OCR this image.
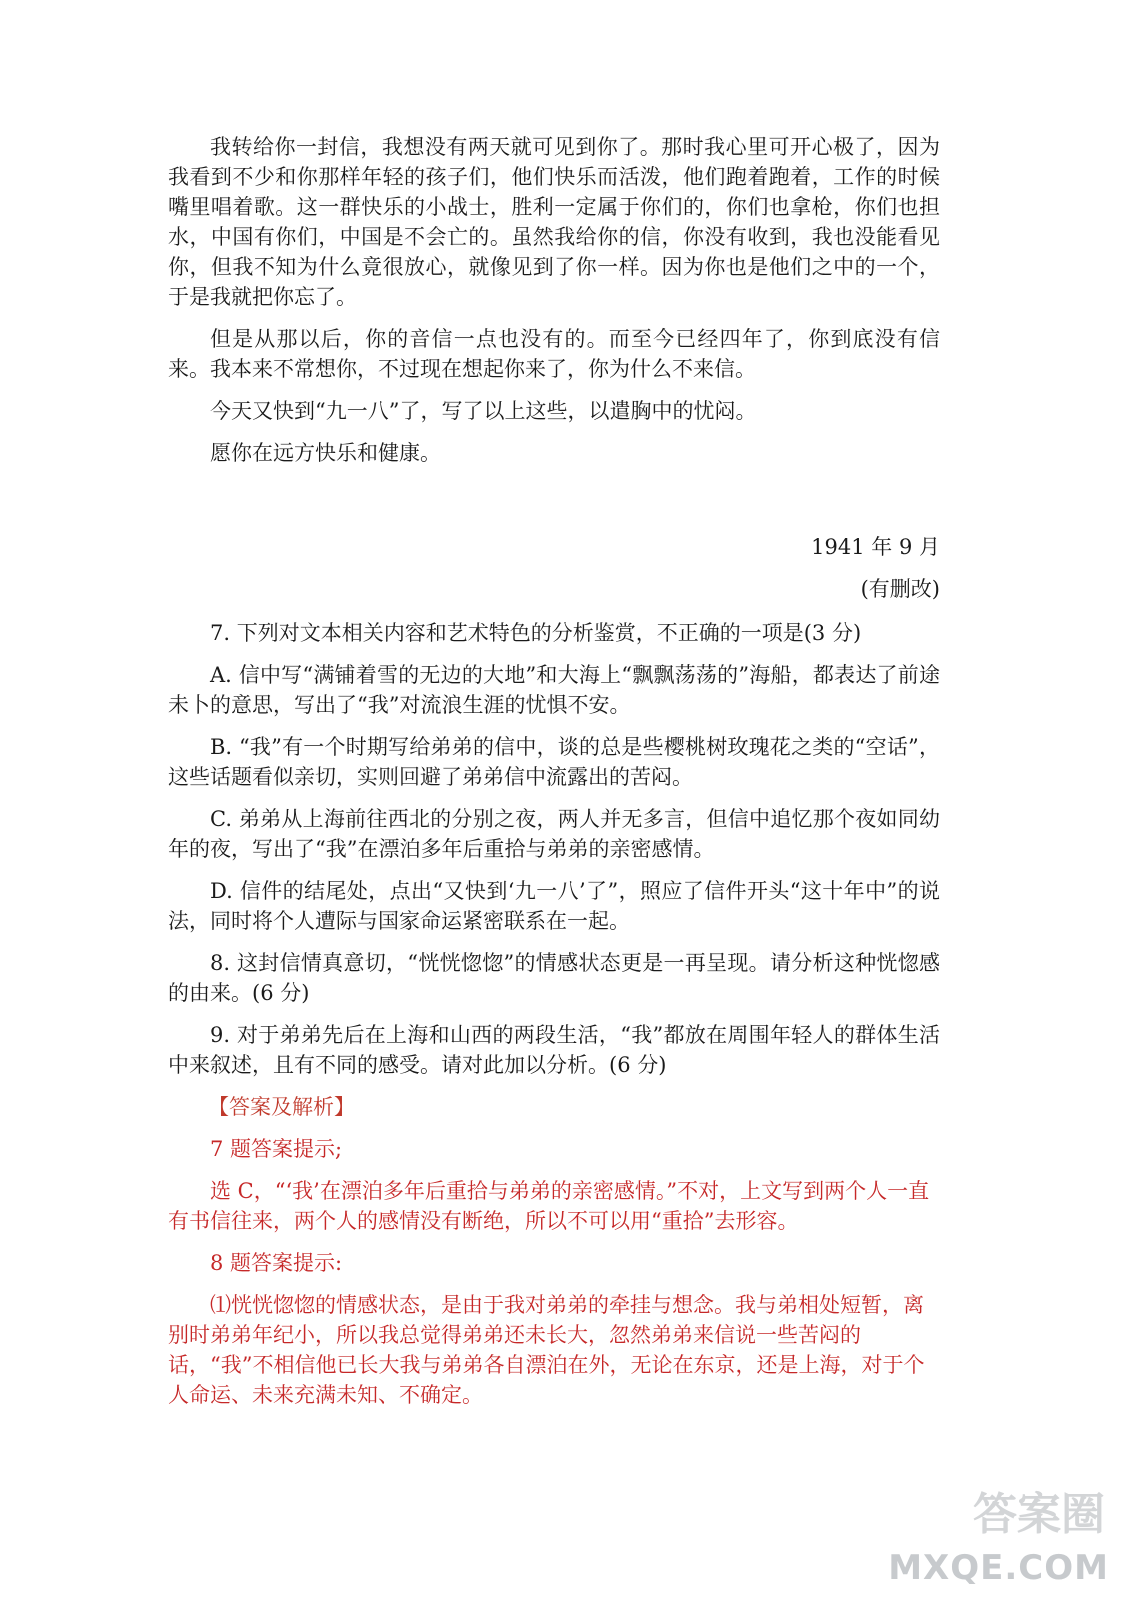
我转给你一封信，我想没有两天就可见到你了。那时我心里可开心极了，因为我看到不少和你那样年轻的孩子们，他们快乐而活泼，他们跑着跑着，工作的时候嘴里唱着歌。这一群快乐的小战士，胜利一定属于你们的，你们也拿枪，你们也担水，中国有你们，中国是不会亡的。虽然我给你的信，你没有收到，我也没能看见你，但我不知为什么竟很放心，就像见到了你一样。因为你也是他们之中的一个，于是我就把你忘了。

但是从那以后，你的音信一点也没有的。而至今已经四年了，你到底没有信来。我本来不常想你，不过现在想起你来了，你为什么不来信。

今天又快到“九一八”了，写了以上这些，以遣胸中的忧闷。

愿你在远方快乐和健康。

1941 年 9 月

(有删改)

7. 下列对文本相关内容和艺术特色的分析鉴赏，不正确的一项是(3 分)

A. 信中写“满铺着雪的无边的大地”和大海上“飘飘荡荡的”海船，都表达了前途未卜的意思，写出了“我”对流浪生涯的忧惧不安。

B. “我”有一个时期写给弟弟的信中，谈的总是些樱桃树玫瑰花之类的“空话”，这些话题看似亲切，实则回避了弟弟信中流露出的苦闷。

C. 弟弟从上海前往西北的分别之夜，两人并无多言，但信中追忆那个夜如同幼年的夜，写出了“我”在漂泊多年后重拾与弟弟的亲密感情。

D. 信件的结尾处，点出“又快到‘九一八’了”，照应了信件开头“这十年中”的说法，同时将个人遭际与国家命运紧密联系在一起。

8. 这封信情真意切，“恍恍惚惚”的情感状态更是一再呈现。请分析这种恍惚感的由来。(6 分)

9. 对于弟弟先后在上海和山西的两段生活，“我”都放在周围年轻人的群体生活中来叙述，且有不同的感受。请对此加以分析。(6 分)

【答案及解析】

7 题答案提示;

选 C，“‘我’在漂泊多年后重拾与弟弟的亲密感情。”不对，上文写到两个人一直有书信往来，两个人的感情没有断绝，所以不可以用“重拾”去形容。

8 题答案提示:

⑴恍恍惚惚的情感状态，是由于我对弟弟的牵挂与想念。我与弟相处短暂，离别时弟弟年纪小，所以我总觉得弟弟还未长大，忽然弟弟来信说一些苦闷的话，“我”不相信他已长大我与弟弟各自漂泊在外，无论在东京，还是上海，对于个人命运、未来充满未知、不确定。

答案圈
MXQE.COM
